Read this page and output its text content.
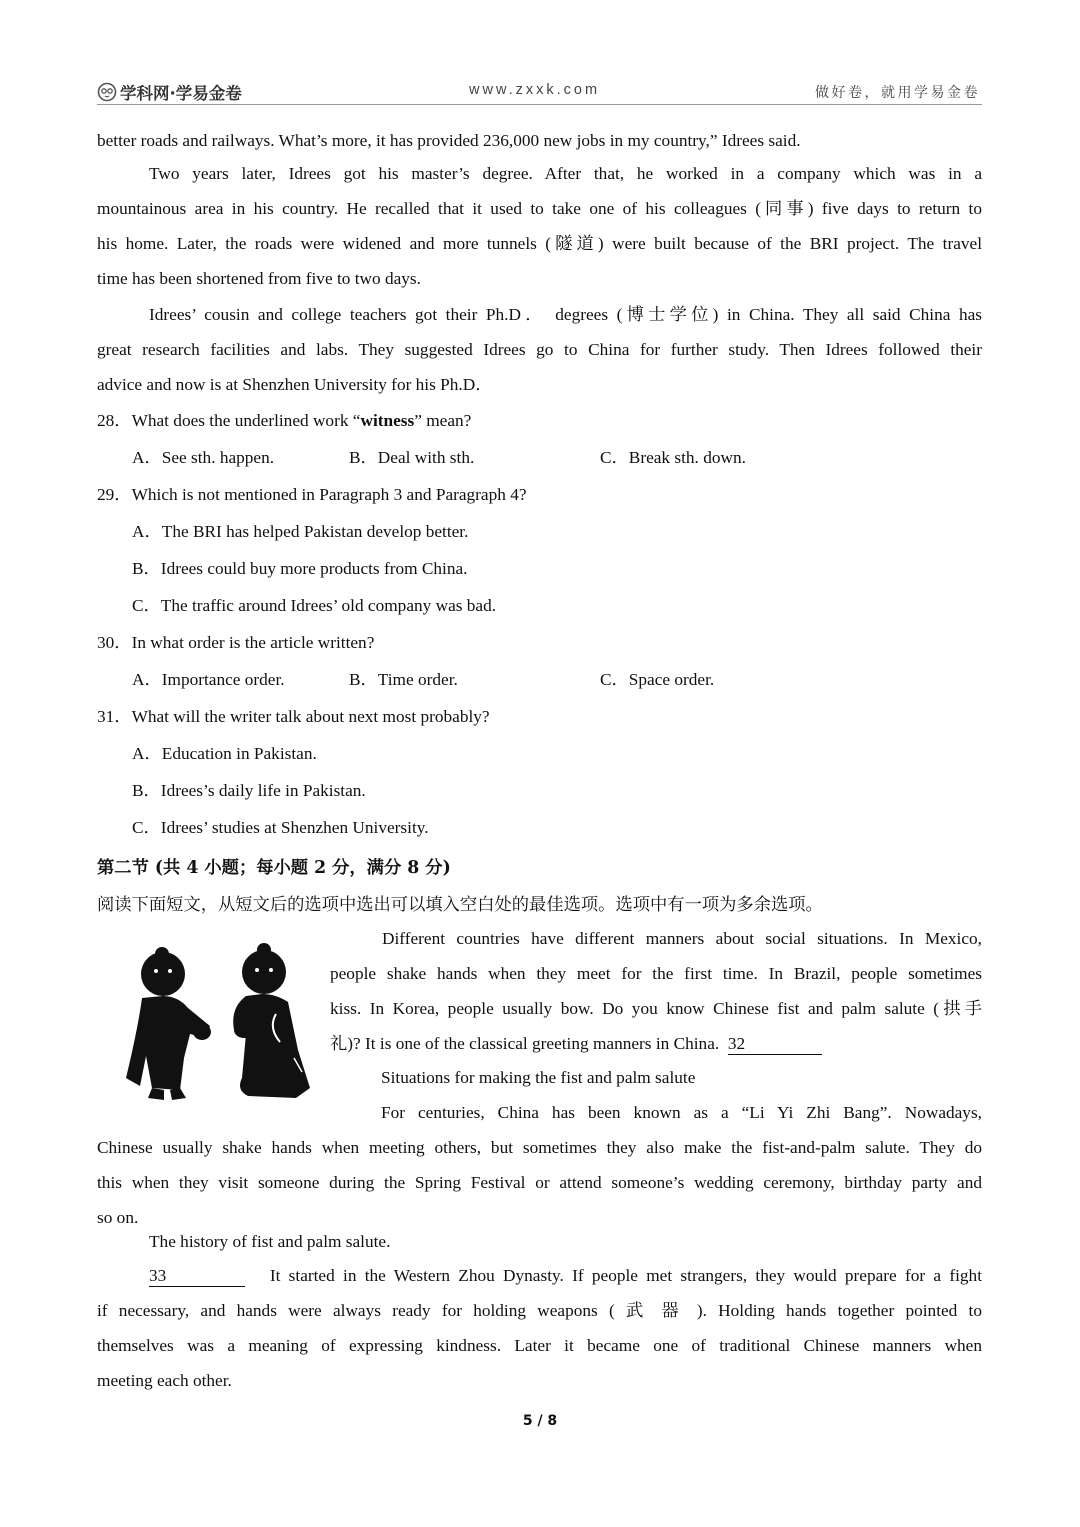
学科网·学易金卷	www.zxxk.com	做好卷，就用学易金卷

better roads and railways. What’s more, it has provided 236,000 new jobs in my country,” Idrees said.

Two years later, Idrees got his master’s degree. After that, he worked in a company which was in a
mountainous area in his country. He recalled that it used to take one of his colleagues (同事) five days to return to
his home. Later, the roads were widened and more tunnels (隧道) were built because of the BRI project. The travel
time has been shortened from five to two days.

Idrees’ cousin and college teachers got their Ph.D． degrees (博士学位) in China. They all said China has
great research facilities and labs. They suggested Idrees go to China for further study. Then Idrees followed their
advice and now is at Shenzhen University for his Ph.D．

28．What does the underlined work “witness” mean?
A．See sth. happen.	B．Deal with sth.	C．Break sth. down.
29．Which is not mentioned in Paragraph 3 and Paragraph 4?
A．The BRI has helped Pakistan develop better.
B．Idrees could buy more products from China.
C．The traffic around Idrees’ old company was bad.
30．In what order is the article written?
A．Importance order.	B．Time order.	C．Space order.
31．What will the writer talk about next most probably?
A．Education in Pakistan.
B．Idrees’s daily life in Pakistan.
C．Idrees’ studies at Shenzhen University.
第二节 (共 4 小题；每小题 2 分，满分 8 分)
阅读下面短文，从短文后的选项中选出可以填入空白处的最佳选项。选项中有一项为多余选项。

Different countries have different manners about social situations. In Mexico,
people shake hands when they meet for the first time. In Brazil, people sometimes
kiss. In Korea, people usually bow. Do you know Chinese fist and palm salute (拱手
礼)? It is one of the classical greeting manners in China. 32

Situations for making the fist and palm salute

For centuries, China has been known as a “Li Yi Zhi Bang”. Nowadays,
Chinese usually shake hands when meeting others, but sometimes they also make the fist-and-palm salute. They do
this when they visit someone during the Spring Festival or attend someone’s wedding ceremony, birthday party and
so on.

The history of fist and palm salute.

33	It started in the Western Zhou Dynasty. If people met strangers, they would prepare for a fight
if necessary, and hands were always ready for holding weapons ( 武 器 ). Holding hands together pointed to
themselves was a meaning of expressing kindness. Later it became one of traditional Chinese manners when
meeting each other.

5 / 8
